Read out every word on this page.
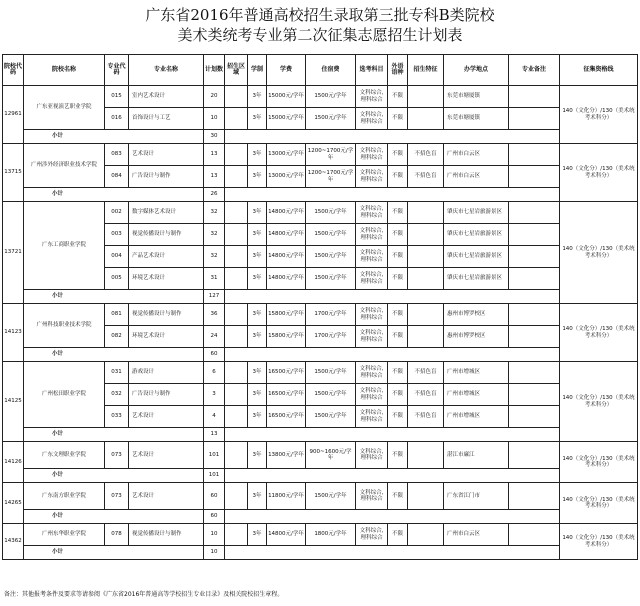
广东省2016年普通高校招生录取第三批专科B类院校
美术类统考专业第二次征集志愿招生计划表
院校代码	院校名称	专业代码	专业名称	计划数	招生区域	学制	学费	住宿费	选考科目	外语语种	招生特征	办学地点	专业备注	征集资格线
12961	广东亚视演艺职业学院	015	室内艺术设计	20		3年	15000元/学年	1500元/学年	文科综合,理科综合	不限		东莞市塘厦镇		140（文化分）/130（美术统考术科分）
		016	首饰设计与工艺	10		3年	15000元/学年	1500元/学年	文科综合,理科综合	不限		东莞市塘厦镇		
	小计			30										
13715	广州涉外经济职业技术学院	083	艺术设计	13		3年	13000元/学年	1200~1700元/学年	文科综合,理科综合	不限	不招色盲	广州市白云区		140（文化分）/130（美术统考术科分）
		084	广告设计与制作	13		3年	13000元/学年	1200~1700元/学年	文科综合,理科综合	不限	不招色盲	广州市白云区		
	小计			26										
13721	广东工商职业学院	002	数字媒体艺术设计	32		3年	14800元/学年	1500元/学年	文科综合,理科综合	不限		肇庆市七星岩旅游景区		140（文化分）/130（美术统考术科分）
		003	视觉传播设计与制作	32		3年	14800元/学年	1500元/学年	文科综合,理科综合	不限		肇庆市七星岩旅游景区		
		004	产品艺术设计	32		3年	14800元/学年	1500元/学年	文科综合,理科综合	不限		肇庆市七星岩旅游景区		
		005	环境艺术设计	31		3年	14800元/学年	1500元/学年	文科综合,理科综合	不限		肇庆市七星岩旅游景区		
	小计			127										
14123	广州科技职业技术学院	081	视觉传播设计与制作	36		3年	15800元/学年	1700元/学年	文科综合,理科综合	不限		惠州市博罗校区		140（文化分）/130（美术统考术科分）
		082	环境艺术设计	24		3年	15800元/学年	1700元/学年	文科综合,理科综合	不限		惠州市博罗校区		
	小计			60										
14125	广州松田职业学院	031	游戏设计	6		3年	16500元/学年	1500元/学年	文科综合,理科综合	不限	不招色盲	广州市增城区		140（文化分）/130（美术统考术科分）
		032	广告设计与制作	3		3年	16500元/学年	1500元/学年	文科综合,理科综合	不限	不招色盲	广州市增城区		
		033	艺术设计	4		3年	16500元/学年	1500元/学年	文科综合,理科综合	不限	不招色盲	广州市增城区		
	小计			13										
14126	广东文理职业学院	073	艺术设计	101		3年	13800元/学年	900~1600元/学年	文科综合,理科综合	不限		湛江市廉江		140（文化分）/130（美术统考术科分）
	小计			101										
14265	广东南方职业学院	073	艺术设计	60		3年	11800元/学年	1500元/学年	文科综合,理科综合	不限		广东省江门市		140（文化分）/130（美术统考术科分）
	小计			60										
14362	广州东华职业学院	078	视觉传播设计与制作	10		3年	14800元/学年	1800元/学年	文科综合,理科综合	不限		广州市白云区		140（文化分）/130（美术统考术科分）
	小计			10										
备注：其他报考条件及要求等请参阅《广东省2016年普通高等学校招生专业目录》及相关院校招生章程。
